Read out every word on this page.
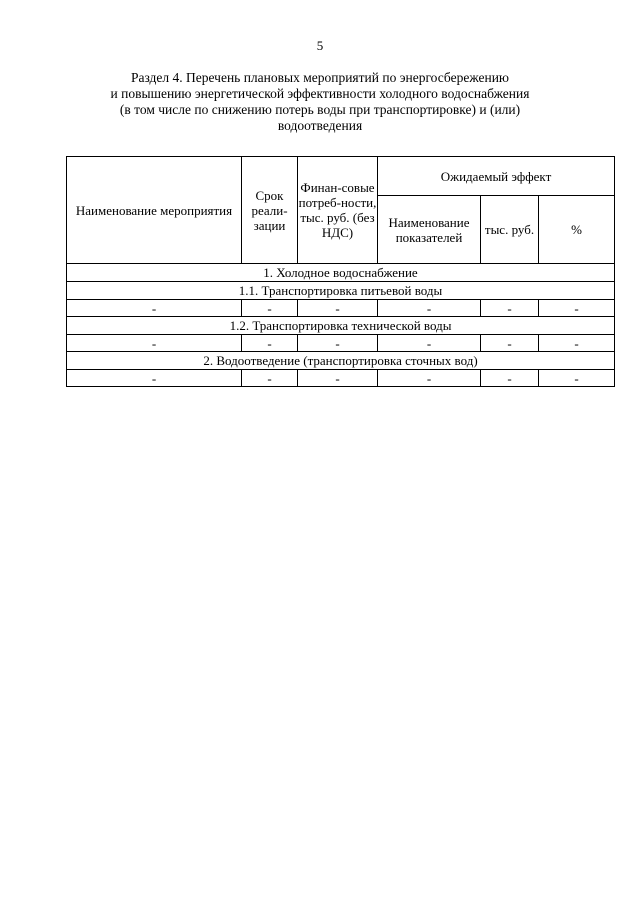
5
Раздел 4. Перечень плановых мероприятий по энергосбережению
и повышению энергетической эффективности холодного водоснабжения
(в том числе по снижению потерь воды при транспортировке) и (или)
водоотведения
Наименование мероприятия	Срок реали-зации	Финан-совые потреб-ности, тыс. руб. (без НДС)	Ожидаемый эффект		
			Наименование показателей	тыс. руб.	%
1. Холодное водоснабжение					
1.1. Транспортировка питьевой воды					
-	-	-	-	-	-
1.2. Транспортировка технической воды					
-	-	-	-	-	-
2. Водоотведение (транспортировка сточных вод)					
-	-	-	-	-	-
